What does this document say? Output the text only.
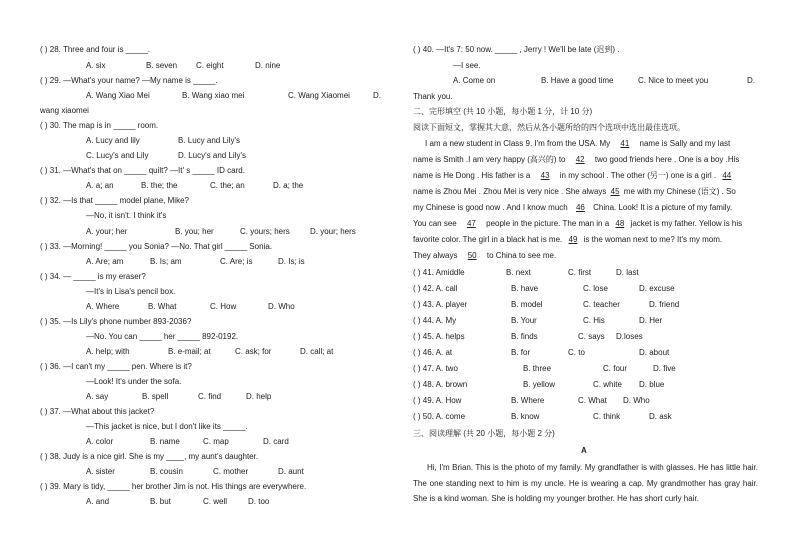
( ) 28. Three and four is _____.
A. six	B. seven C. eight	D. nine
( ) 29. —What's your name? —My name is _____.
A. Wang Xiao Mei	B. Wang xiao mei	C. Wang Xiaomei	D.
wang xiaomei
( ) 30. The map is in _____ room.
A. Lucy and lily	B. Lucy and Lily's
C. Lucy's and Lily	D. Lucy's and Lily's
( ) 31. —What's that on _____ quilt? —It' s _____ ID card.
A. a; an	B. the; the	C. the; an	D. a; the
( ) 32. —Is that _____ model plane, Mike?
—No, it isn't. I think it's
A. your; her	B. you; her	C. yours; hers	D. your; hers
( ) 33. —Morning! _____ you Sonia? —No. That girl _____ Sonia.
A. Are; am	B. Is; am	C. Are; is	D. Is; is
( ) 34. — _____ is my eraser?
—It's in Lisa's pencil box.
A. Where	B. What	C. How	D. Who
( ) 35. —Is Lily's phone number 893-2036?
—No. You can _____ her _____ 892-0192.
A. help; with	B. e-mail; at	C. ask; for	D. call; at
( ) 36. —I can't my _____ pen. Where is it?
—Look! It's under the sofa.
A. say	B. spell	C. find	D. help
( ) 37. —What about this jacket?
—This jacket is nice, but I don't like its _____.
A. color	B. name	C. map	D. card
( ) 38. Judy is a nice girl. She is my ____, my aunt's daughter.
A. sister	B. cousin	C. mother	D. aunt
( ) 39. Mary is tidy, _____ her brother Jim is not. His things are everywhere.
A. and	B. but	C. well	D. too
( ) 40. —It's 7: 50 now. _____ , Jerry ! We'll be late (迟到) .
—I see.
A. Come on	B. Have a good time	C. Nice to meet you	D.
Thank you.
二、完形填空 (共 10 小题，每小题 1 分，计 10 分)
阅读下面短文，掌握其大意，然后从各小题所给的四个选项中选出最佳选项。
I am a new student in Class 9. I'm from the USA. My 41 name is Sally and my last
name is Smith .I am very happy (高兴的) to 42 two good friends here . One is a boy .His
name is He Dong . His father is a 43 in my school . The other (另一) one is a girl . 44
name is Zhou Mei . Zhou Mei is very nice . She always 45 me with my Chinese (语文) . So
my Chinese is good now . And I know much 46 China. Look! It is a picture of my family.
You can see 47 people in the picture. The man in a 48 jacket is my father. Yellow is his
favorite color. The girl in a black hat is me. 49 is the woman next to me? It's my mom.
They always 50 to China to see me.
( ) 41. Amiddle	B. next	C. first	D. last
( ) 42. A. call	B. have	C. lose	D. excuse
( ) 43. A. player	B. model	C. teacher	D. friend
( ) 44. A. My	B. Your	C. His	D. Her
( ) 45. A. helps	B. finds	C. says D.loses
( ) 46. A. at	B. for	C. to	D. about
( ) 47. A. two	B. three	C. four	D. five
( ) 48. A. brown	B. yellow	C. white D. blue
( ) 49. A. How	B. Where	C. What D. Who
( ) 50. A. come	B. know	C. think	D. ask
三、阅读理解 (共 20 小题，每小题 2 分)
A
Hi, I'm Brian. This is the photo of my family. My grandfather is with glasses. He has little hair. The one standing next to him is my uncle. He is wearing a cap. My grandmother has gray hair. She is a kind woman. She is holding my younger brother. He has short curly hair.
